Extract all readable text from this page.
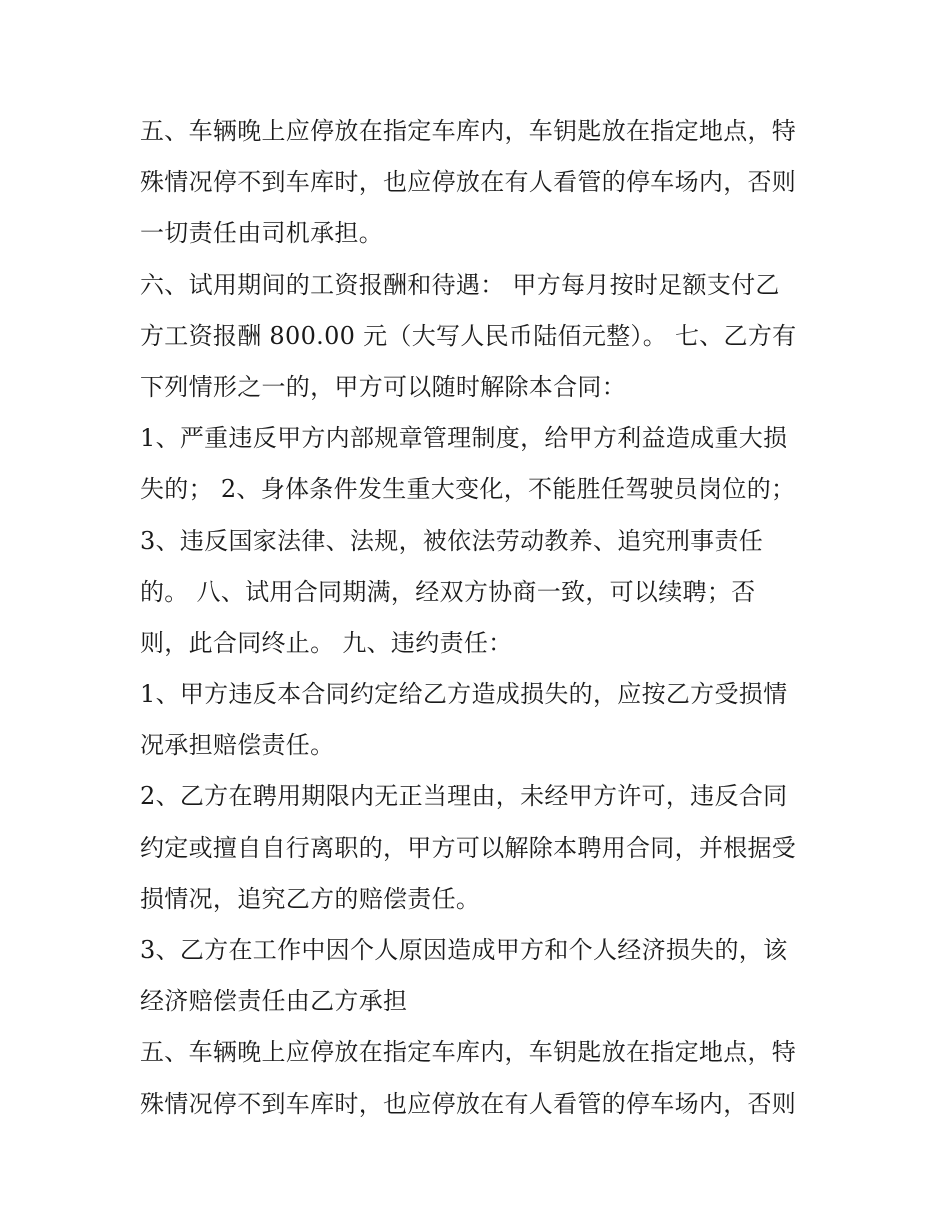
五、车辆晚上应停放在指定车库内，车钥匙放在指定地点，特
殊情况停不到车库时，也应停放在有人看管的停车场内，否则
一切责任由司机承担。
六、试用期间的工资报酬和待遇： 甲方每月按时足额支付乙
方工资报酬 800.00 元（大写人民币陆佰元整）。 七、乙方有
下列情形之一的，甲方可以随时解除本合同：
1、严重违反甲方内部规章管理制度，给甲方利益造成重大损
失的； 2、身体条件发生重大变化，不能胜任驾驶员岗位的；
3、违反国家法律、法规，被依法劳动教养、追究刑事责任
的。 八、试用合同期满，经双方协商一致，可以续聘；否
则，此合同终止。 九、违约责任：
1、甲方违反本合同约定给乙方造成损失的，应按乙方受损情
况承担赔偿责任。
2、乙方在聘用期限内无正当理由，未经甲方许可，违反合同
约定或擅自自行离职的，甲方可以解除本聘用合同，并根据受
损情况，追究乙方的赔偿责任。
3、乙方在工作中因个人原因造成甲方和个人经济损失的，该
经济赔偿责任由乙方承担
五、车辆晚上应停放在指定车库内，车钥匙放在指定地点，特
殊情况停不到车库时，也应停放在有人看管的停车场内，否则
